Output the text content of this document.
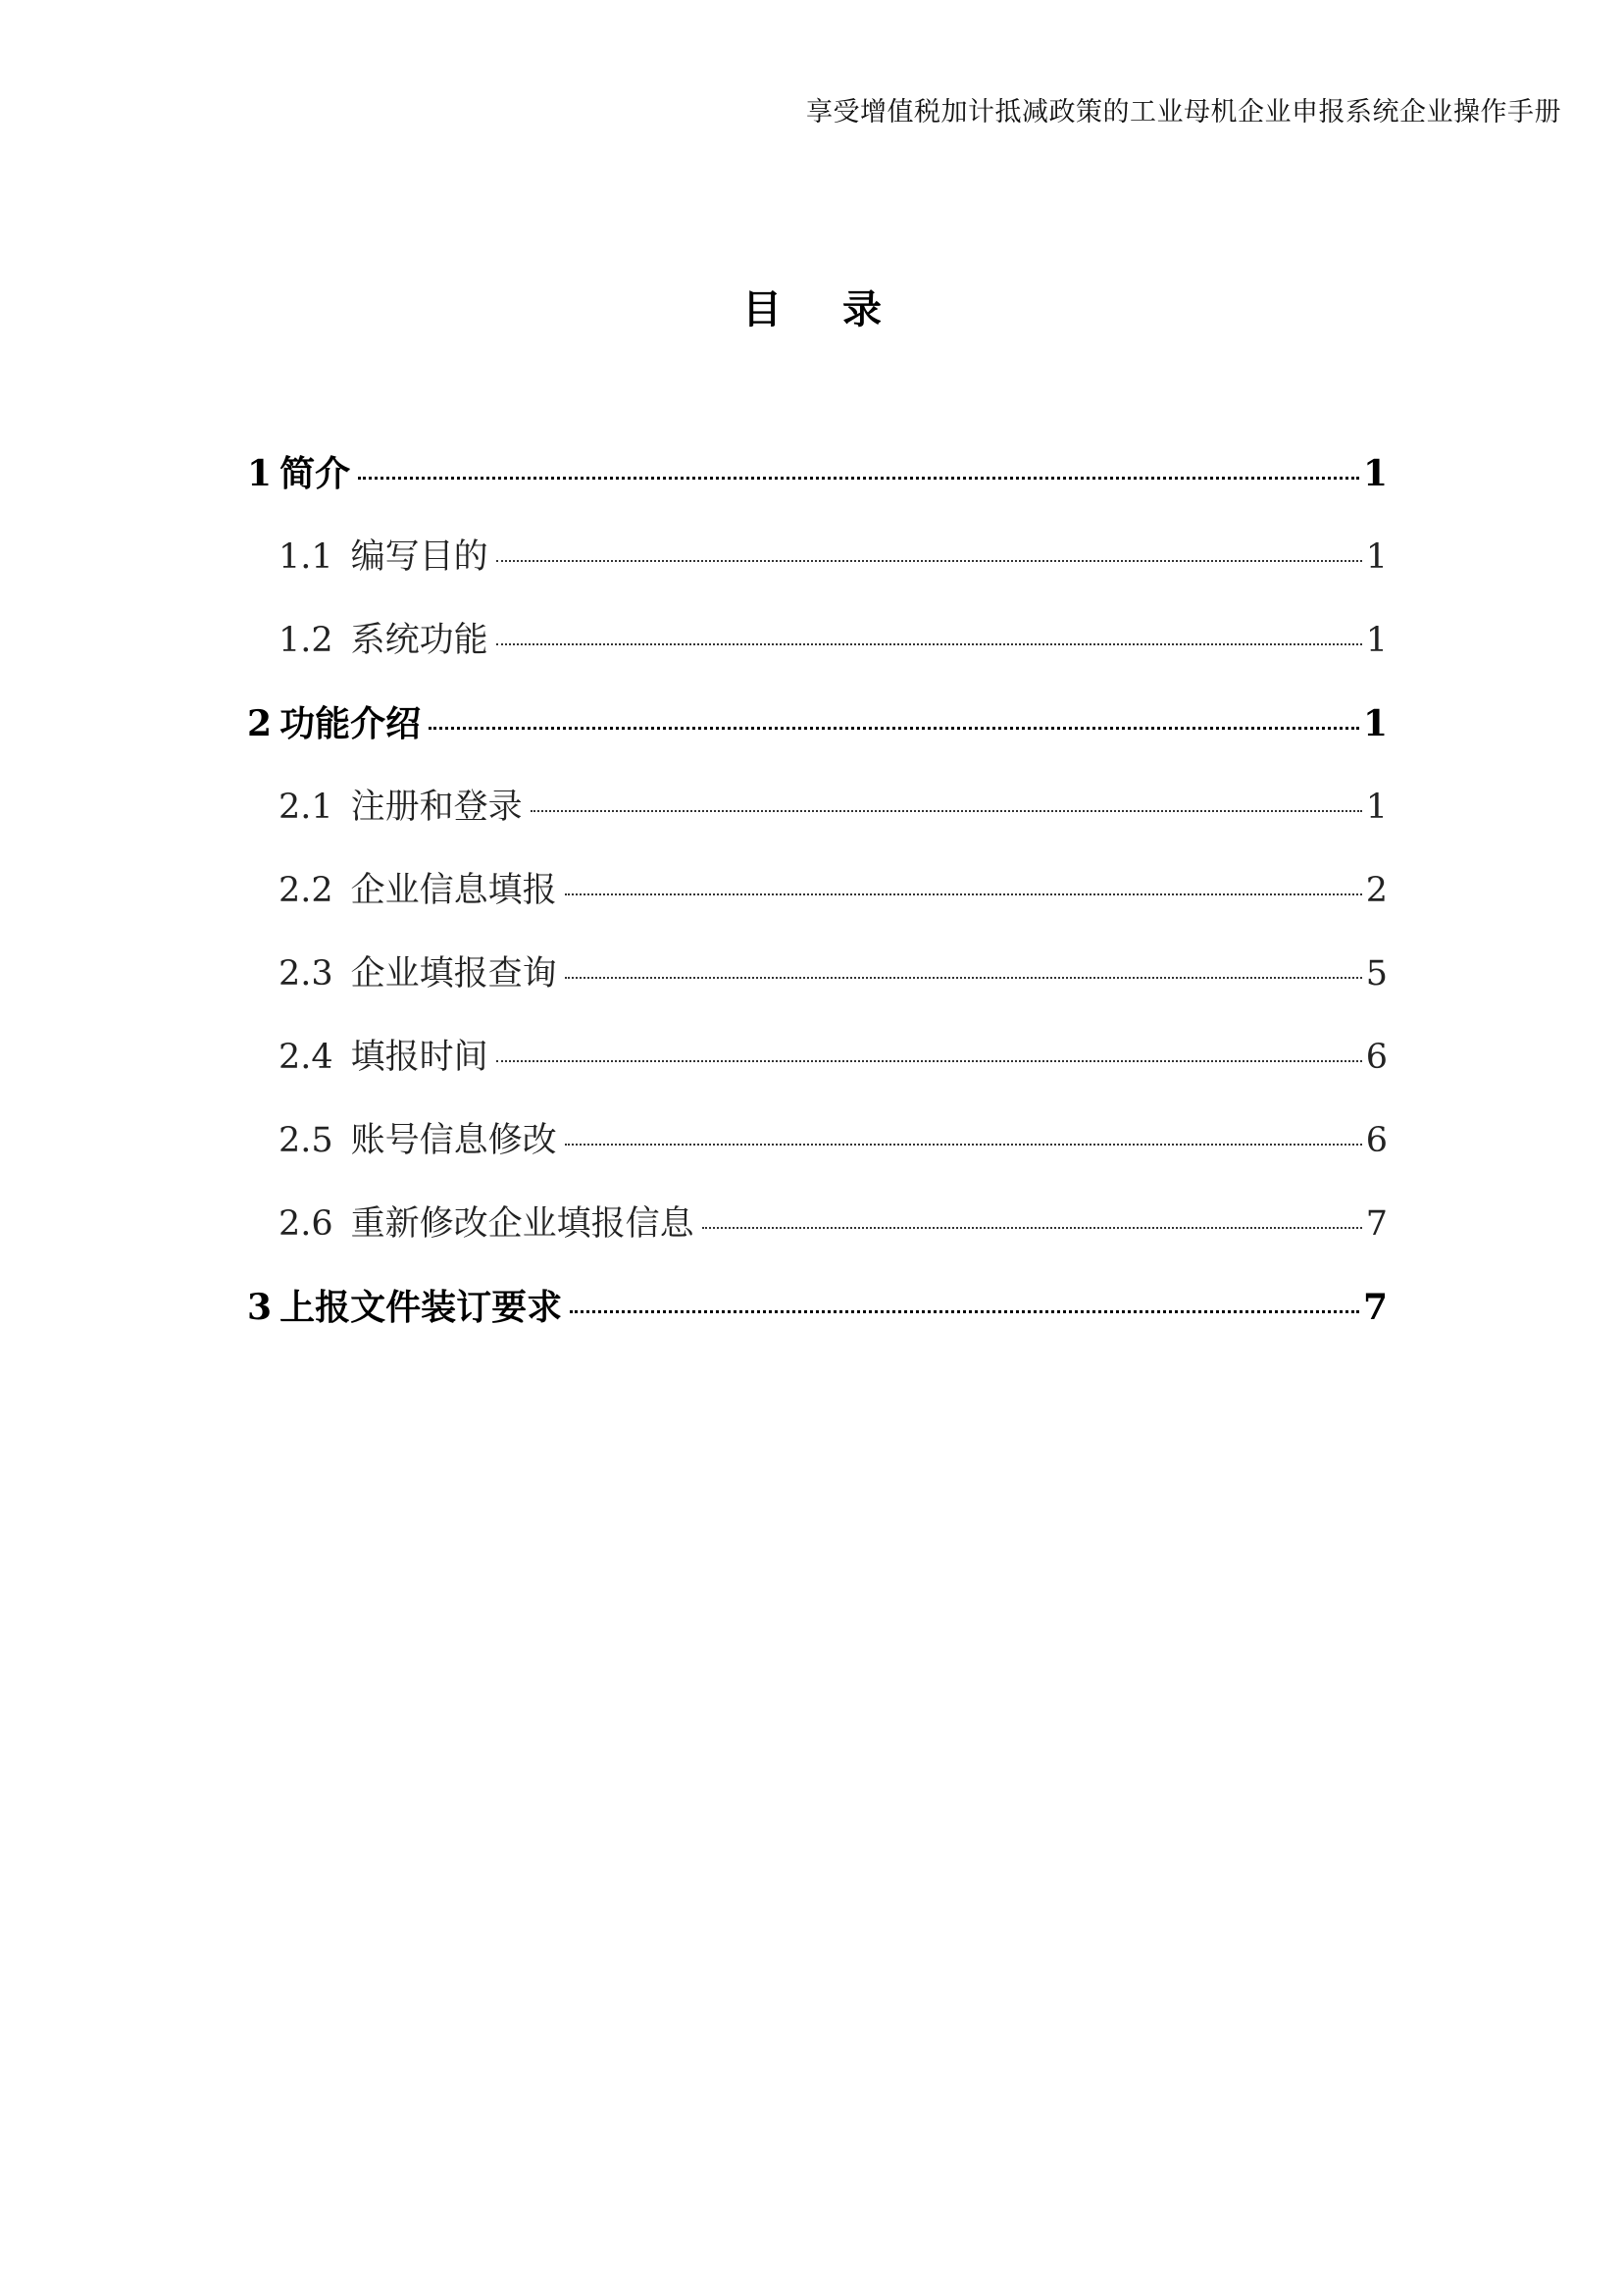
享受增值税加计抵减政策的工业母机企业申报系统企业操作手册
目 录
1 简介	1
1.1 编写目的	1
1.2 系统功能	1
2 功能介绍	1
2.1 注册和登录	1
2.2 企业信息填报	2
2.3 企业填报查询	5
2.4 填报时间	6
2.5 账号信息修改	6
2.6 重新修改企业填报信息	7
3 上报文件装订要求	7
